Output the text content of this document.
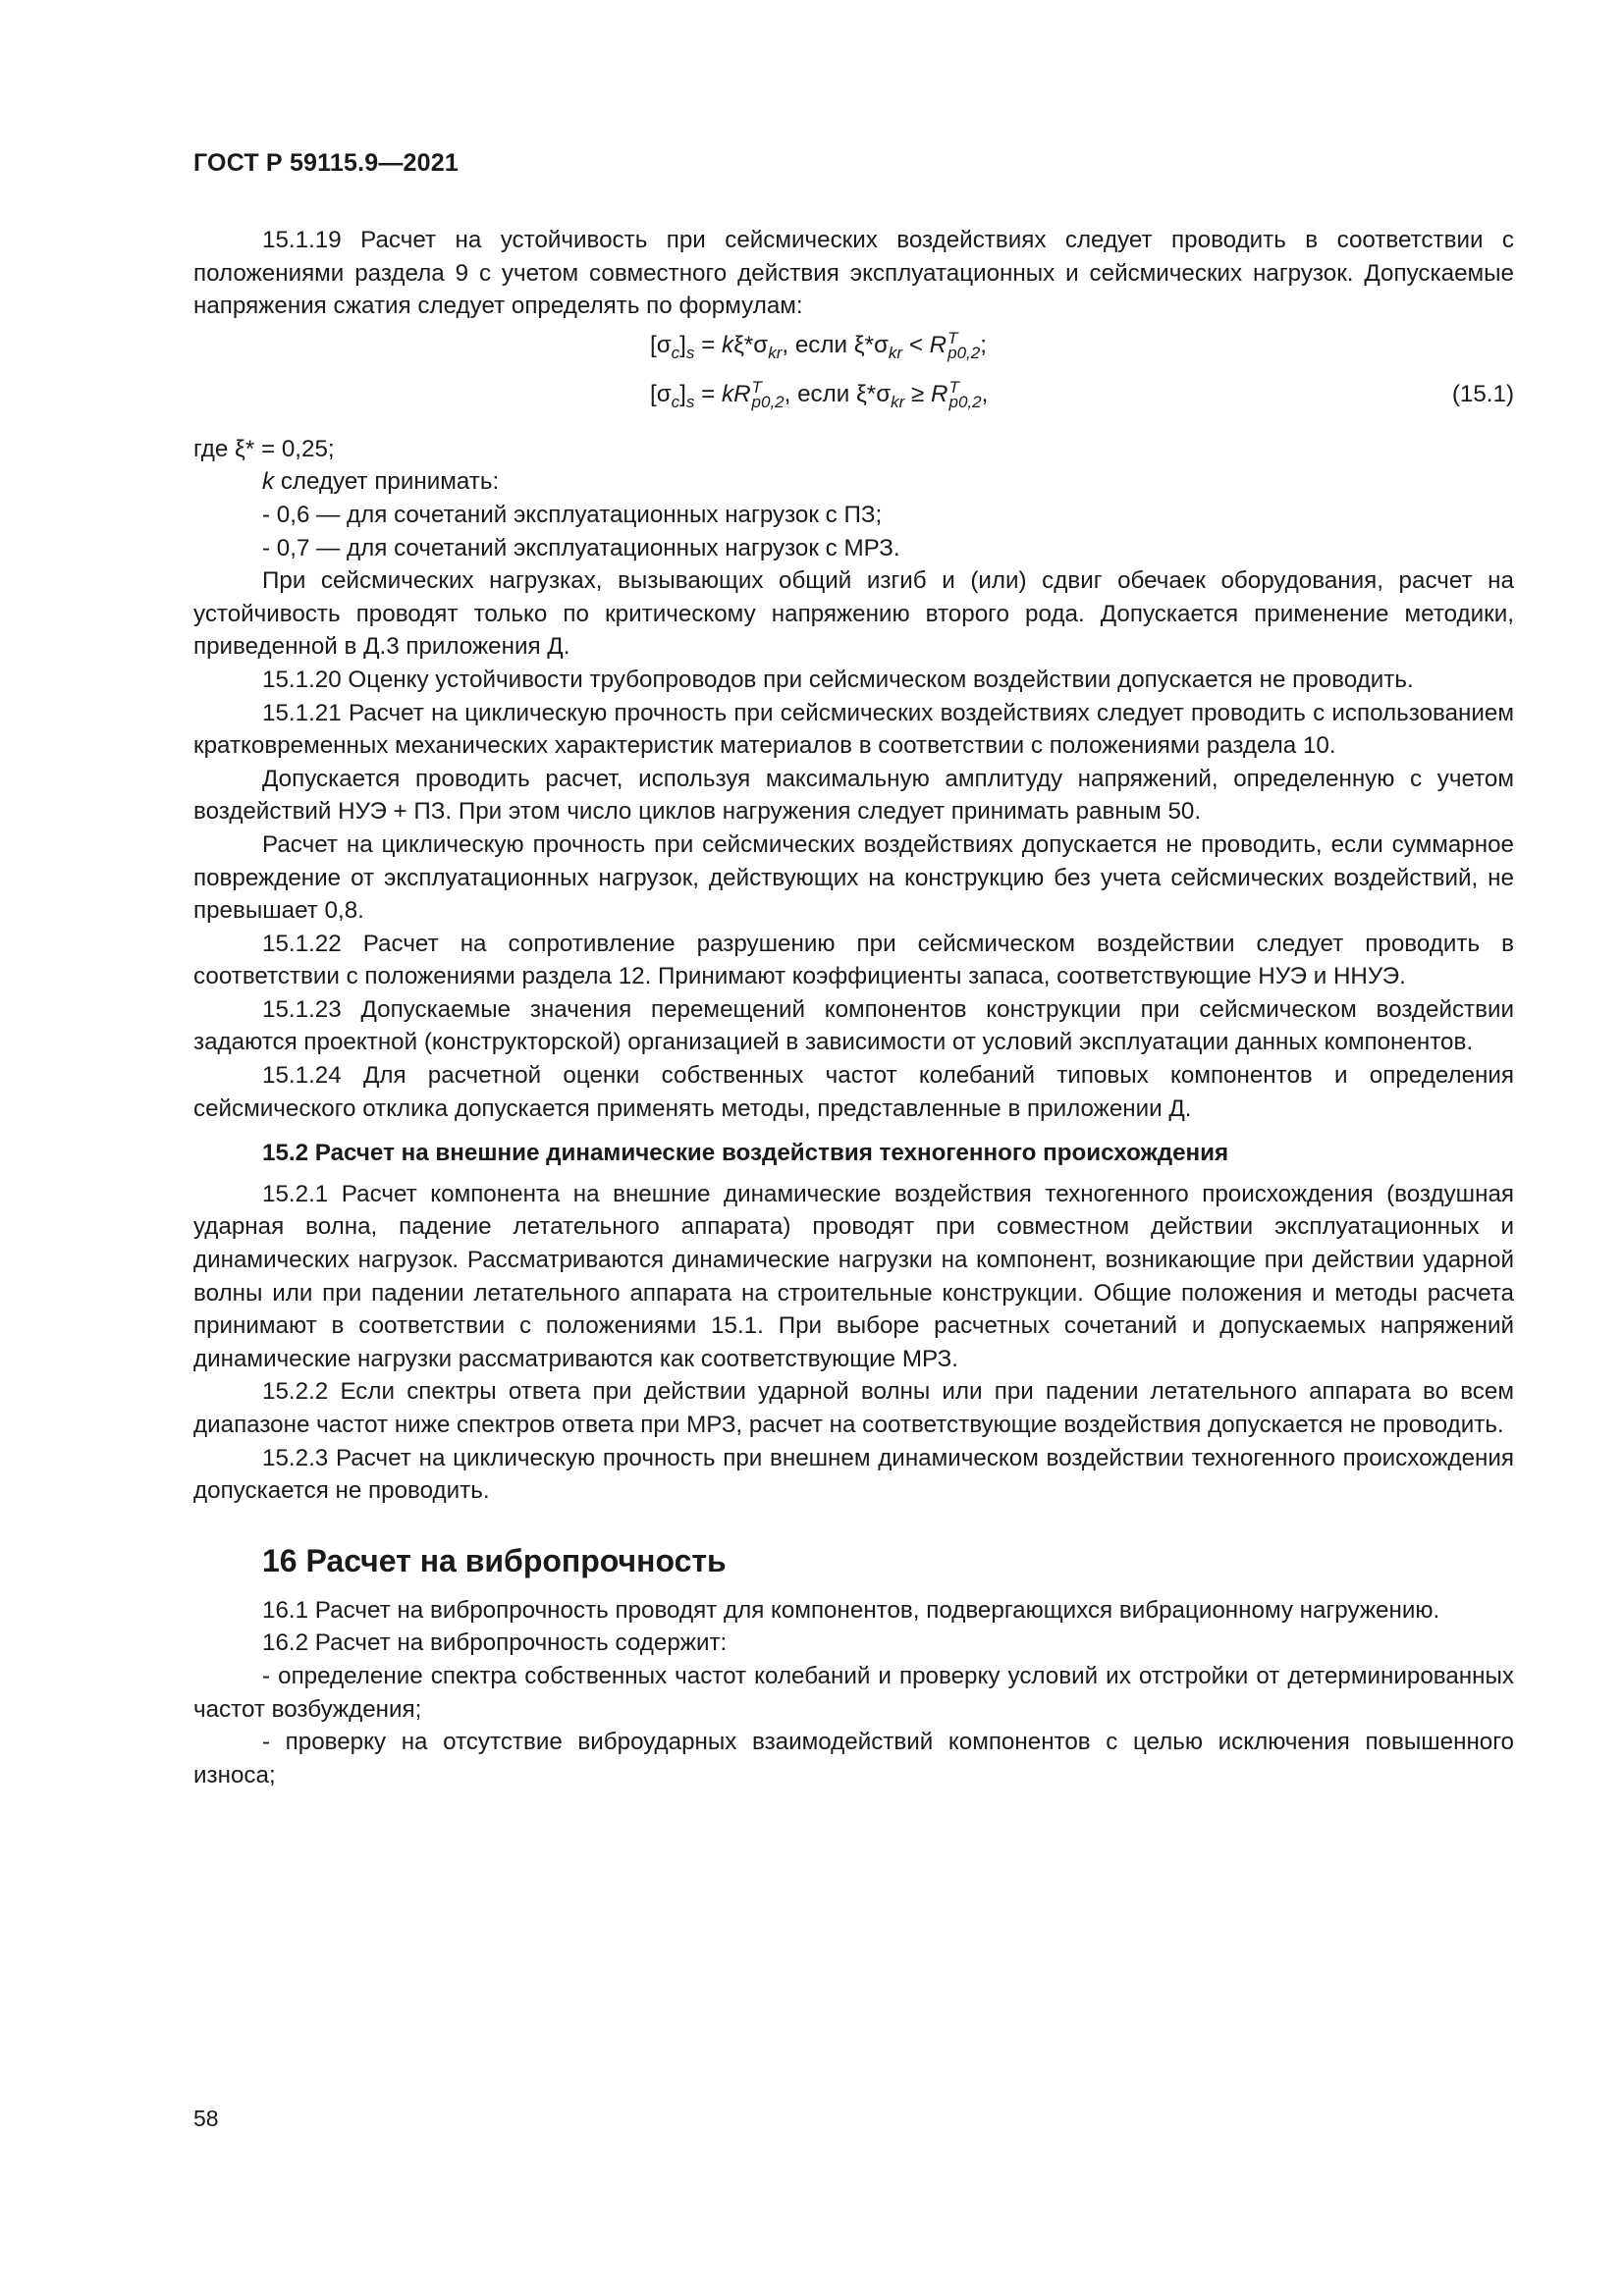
ГОСТ Р 59115.9—2021

15.1.19 Расчет на устойчивость при сейсмических воздействиях следует проводить в соответствии с положениями раздела 9 с учетом совместного действия эксплуатационных и сейсмических нагрузок. Допускаемые напряжения сжатия следует определять по формулам:

$[\sigma_c]_s = k\xi*\sigma_{kr}$, если $\xi*\sigma_{kr} < R$ T
p0,2 ;
$[\sigma_c]_s$ = kR T
p0,2 , если $\xi*\sigma_{kr} \ge R$ T
p0,2 ,	(15.1)

где ξ* = 0,25;

k следует принимать:

- 0,6 — для сочетаний эксплуатационных нагрузок с ПЗ;

- 0,7 — для сочетаний эксплуатационных нагрузок с МРЗ.

При сейсмических нагрузках, вызывающих общий изгиб и (или) сдвиг обечаек оборудования, расчет на устойчивость проводят только по критическому напряжению второго рода. Допускается применение методики, приведенной в Д.3 приложения Д.

15.1.20 Оценку устойчивости трубопроводов при сейсмическом воздействии допускается не проводить.

15.1.21 Расчет на циклическую прочность при сейсмических воздействиях следует проводить с использованием кратковременных механических характеристик материалов в соответствии с положениями раздела 10.

Допускается проводить расчет, используя максимальную амплитуду напряжений, определенную с учетом воздействий НУЭ + ПЗ. При этом число циклов нагружения следует принимать равным 50.

Расчет на циклическую прочность при сейсмических воздействиях допускается не проводить, если суммарное повреждение от эксплуатационных нагрузок, действующих на конструкцию без учета сейсмических воздействий, не превышает 0,8.

15.1.22 Расчет на сопротивление разрушению при сейсмическом воздействии следует проводить в соответствии с положениями раздела 12. Принимают коэффициенты запаса, соответствующие НУЭ и ННУЭ.

15.1.23 Допускаемые значения перемещений компонентов конструкции при сейсмическом воздействии задаются проектной (конструкторской) организацией в зависимости от условий эксплуатации данных компонентов.

15.1.24 Для расчетной оценки собственных частот колебаний типовых компонентов и определения сейсмического отклика допускается применять методы, представленные в приложении Д.

15.2 Расчет на внешние динамические воздействия техногенного происхождения

15.2.1 Расчет компонента на внешние динамические воздействия техногенного происхождения (воздушная ударная волна, падение летательного аппарата) проводят при совместном действии эксплуатационных и динамических нагрузок. Рассматриваются динамические нагрузки на компонент, возникающие при действии ударной волны или при падении летательного аппарата на строительные конструкции. Общие положения и методы расчета принимают в соответствии с положениями 15.1. При выборе расчетных сочетаний и допускаемых напряжений динамические нагрузки рассматриваются как соответствующие МРЗ.

15.2.2 Если спектры ответа при действии ударной волны или при падении летательного аппарата во всем диапазоне частот ниже спектров ответа при МРЗ, расчет на соответствующие воздействия допускается не проводить.

15.2.3 Расчет на циклическую прочность при внешнем динамическом воздействии техногенного происхождения допускается не проводить.

16 Расчет на вибропрочность

16.1 Расчет на вибропрочность проводят для компонентов, подвергающихся вибрационному нагружению.

16.2 Расчет на вибропрочность содержит:

- определение спектра собственных частот колебаний и проверку условий их отстройки от детерминированных частот возбуждения;

- проверку на отсутствие виброударных взаимодействий компонентов с целью исключения повышенного износа;

58
